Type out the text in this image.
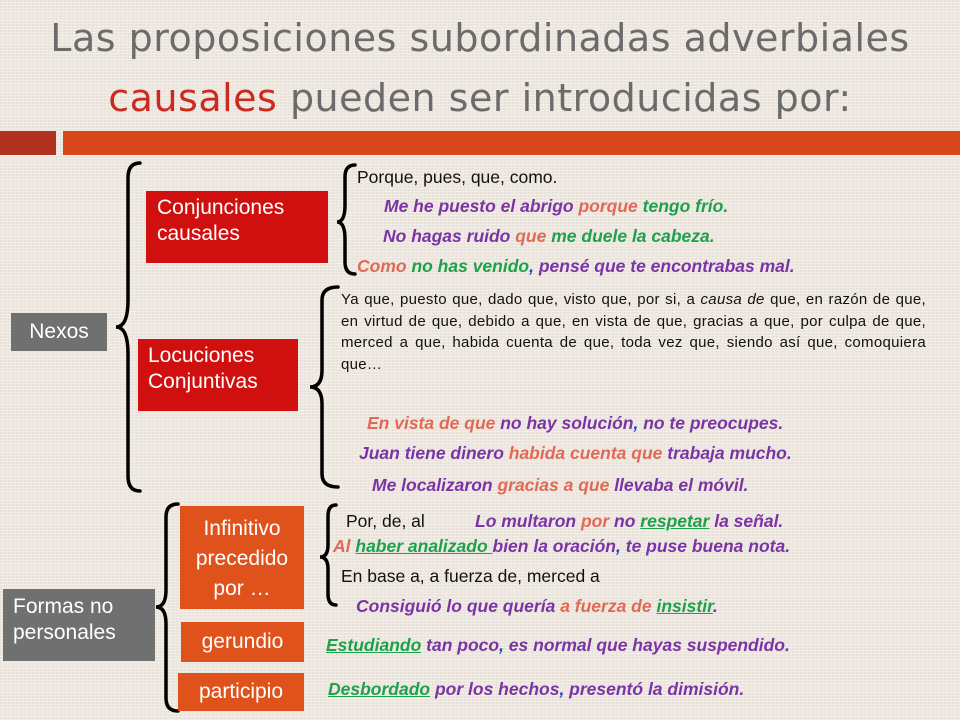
Las proposiciones subordinadas adverbiales
causales pueden ser introducidas por:
Nexos
Conjunciones
causales
Locuciones
Conjuntivas
Formas no
personales
Infinitivo
precedido
por …
gerundio
participio
Porque, pues, que, como.
Me he puesto el abrigo porque tengo frío.
No hagas ruido que me duele la cabeza.
Como no has venido, pensé que te encontrabas mal.
Ya que, puesto que, dado que, visto que, por si, a causa de que, en razón de que, en virtud de que, debido a que, en vista de que, gracias a que, por culpa de que, merced a que, habida cuenta de que, toda vez que, siendo así que, comoquiera que…
En vista de que no hay solución, no te preocupes.
Juan tiene dinero habida cuenta que trabaja mucho.
Me localizaron gracias a que llevaba el móvil.
Por, de, al	Lo multaron por no respetar la señal.
Al haber analizado bien la oración, te puse buena nota.
En base a, a fuerza de, merced a
Consiguió lo que quería a fuerza de insistir.
Estudiando tan poco, es normal que hayas suspendido.
Desbordado por los hechos, presentó la dimisión.
